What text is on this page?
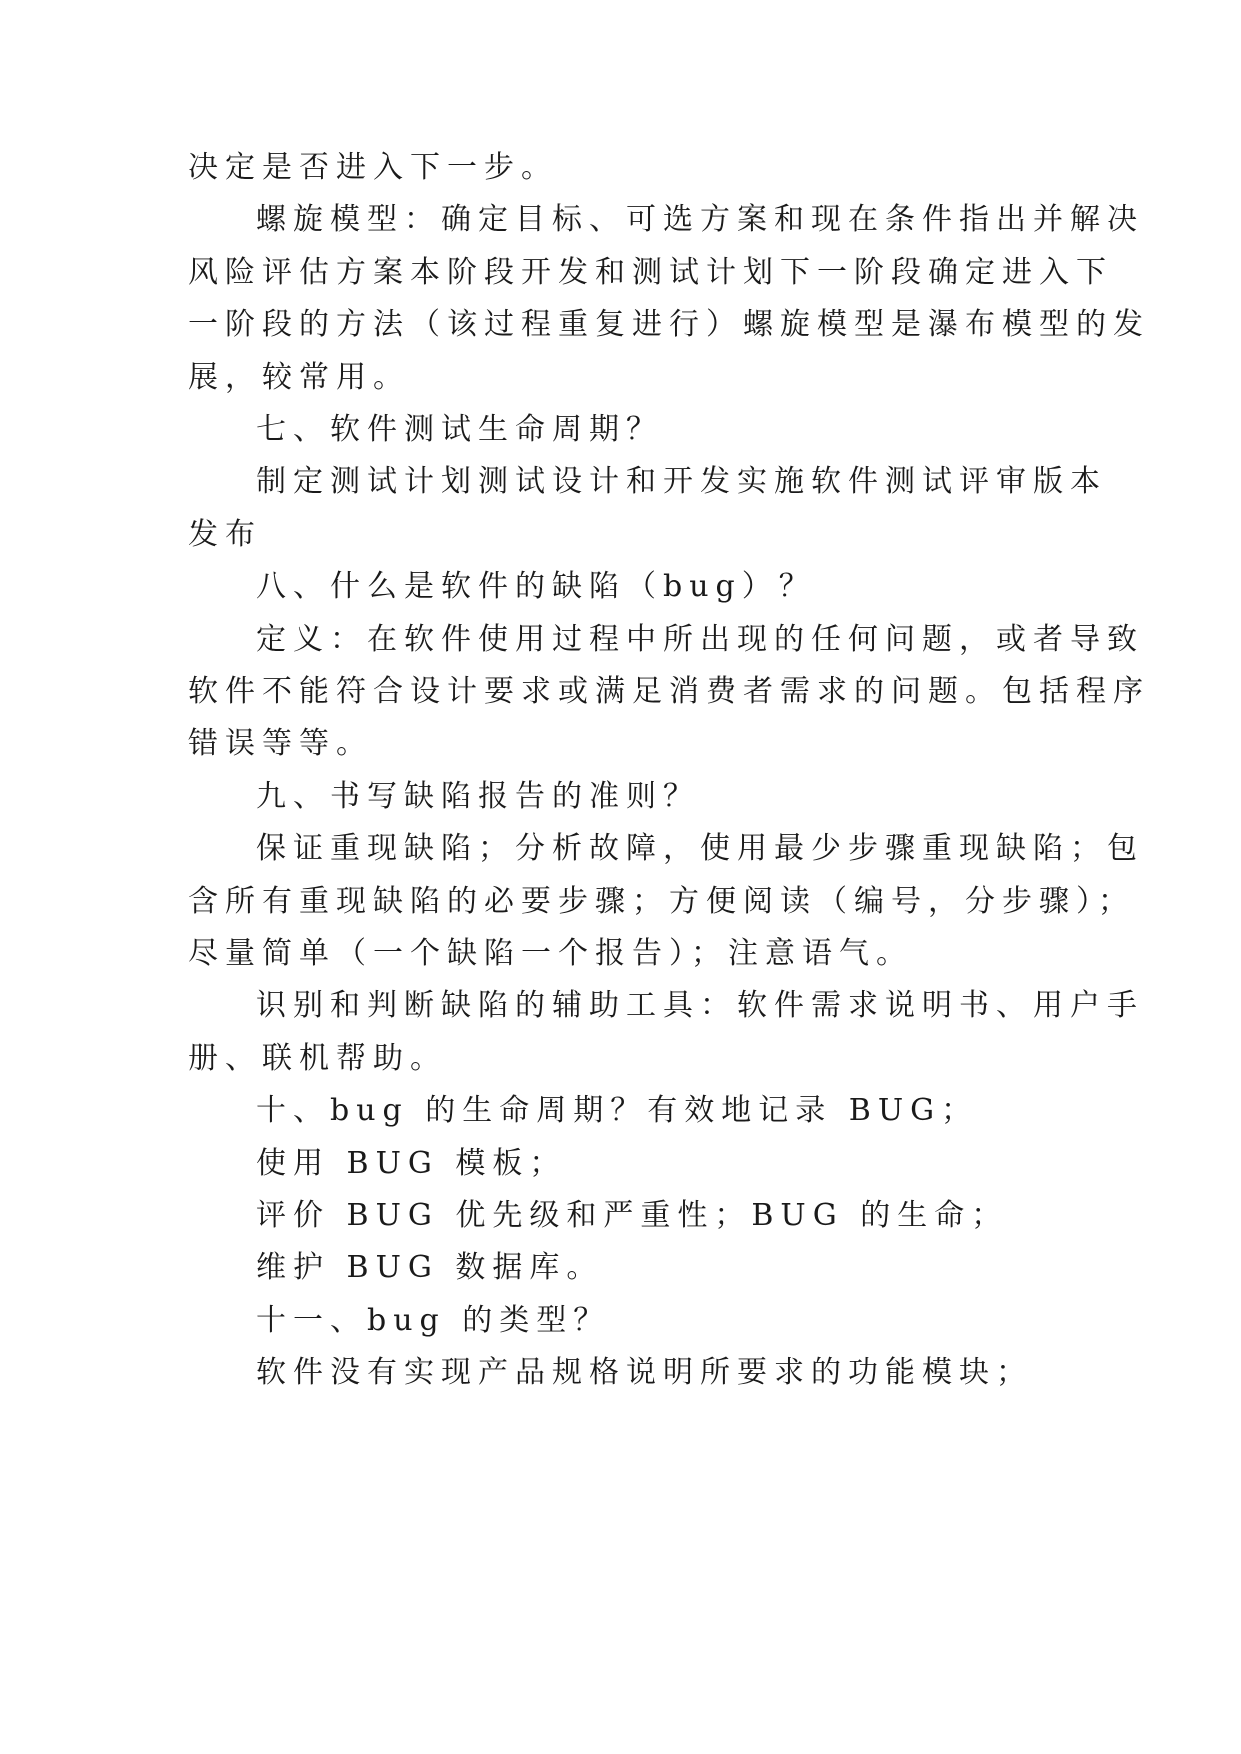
决定是否进入下一步。

螺旋模型：确定目标、可选方案和现在条件指出并解决

风险评估方案本阶段开发和测试计划下一阶段确定进入下

一阶段的方法（该过程重复进行）螺旋模型是瀑布模型的发

展，较常用。

七、软件测试生命周期？

制定测试计划测试设计和开发实施软件测试评审版本

发布

八、什么是软件的缺陷（bug）？

定义：在软件使用过程中所出现的任何问题，或者导致

软件不能符合设计要求或满足消费者需求的问题。包括程序

错误等等。

九、书写缺陷报告的准则？

保证重现缺陷；分析故障，使用最少步骤重现缺陷；包

含所有重现缺陷的必要步骤；方便阅读（编号，分步骤）；

尽量简单（一个缺陷一个报告）；注意语气。

识别和判断缺陷的辅助工具：软件需求说明书、用户手

册、联机帮助。

十、bug 的生命周期？有效地记录 BUG；

使用 BUG 模板；

评价 BUG 优先级和严重性；BUG 的生命；

维护 BUG 数据库。

十一、bug 的类型？

软件没有实现产品规格说明所要求的功能模块；
